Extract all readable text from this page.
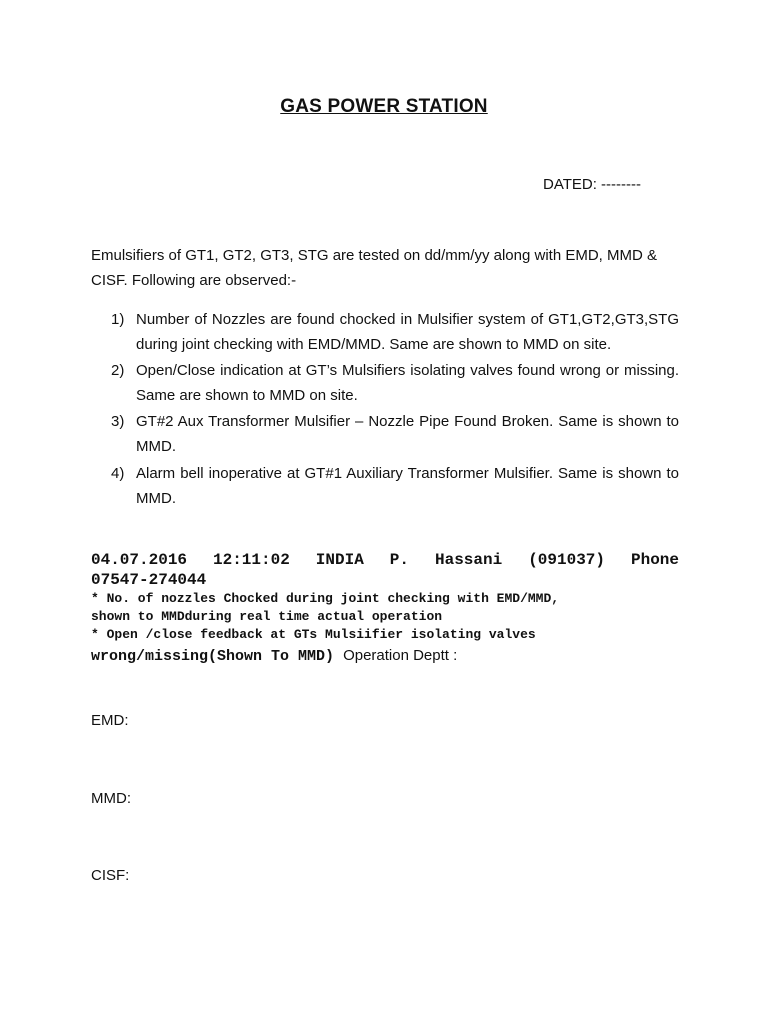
GAS POWER STATION
DATED: --------
Emulsifiers of GT1, GT2, GT3, STG are tested on dd/mm/yy along with EMD, MMD & CISF. Following are observed:-
1) Number of Nozzles are found chocked in Mulsifier system of GT1,GT2,GT3,STG during joint checking with EMD/MMD. Same are shown to MMD on site.
2) Open/Close indication at GT’s Mulsifiers isolating valves found wrong or missing. Same are shown to MMD on site.
3) GT#2 Aux Transformer Mulsifier – Nozzle Pipe Found Broken. Same is shown to MMD.
4) Alarm bell inoperative at GT#1 Auxiliary Transformer Mulsifier. Same is shown to MMD.
04.07.2016 12:11:02 INDIA P. Hassani (091037) Phone
07547-274044
* No. of nozzles Chocked during joint checking with EMD/MMD,
shown to MMDduring real time actual operation
* Open /close feedback at GTs Mulsiifier isolating valves
wrong/missing(Shown To MMD) Operation Deptt :
EMD:
MMD:
CISF:
